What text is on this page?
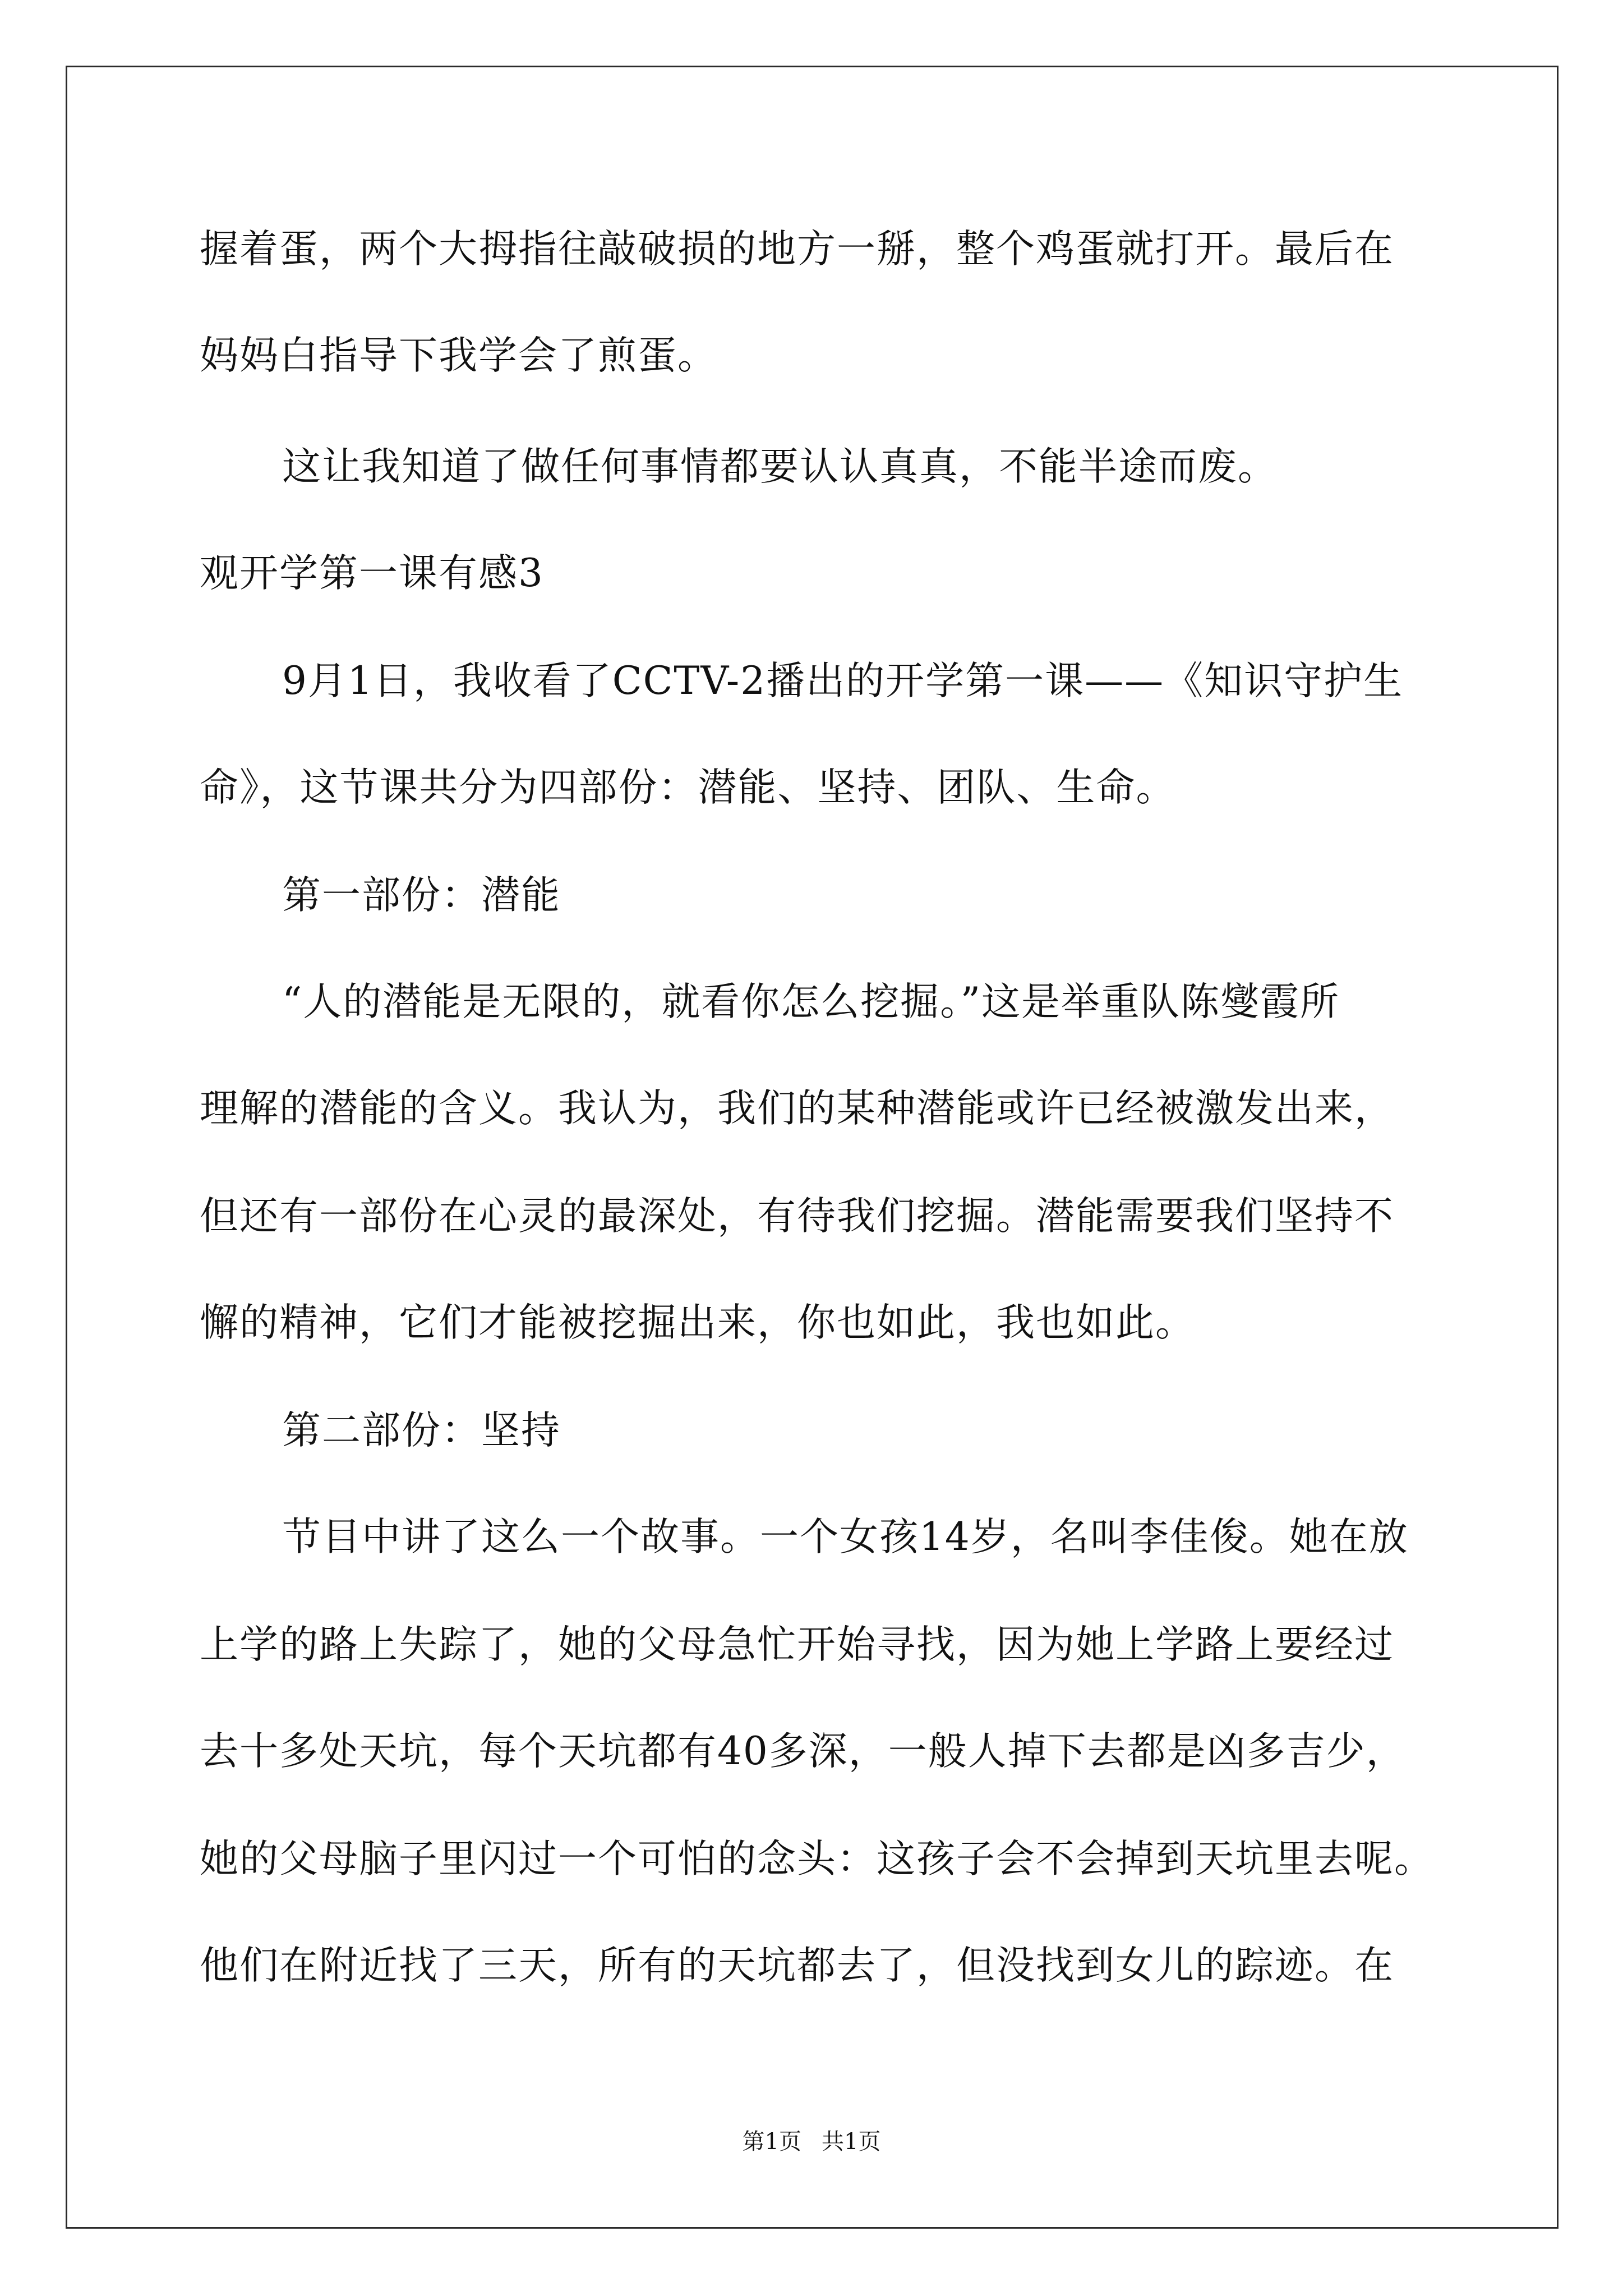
握着蛋，两个大拇指往敲破损的地方一掰，整个鸡蛋就打开。最后在
妈妈白指导下我学会了煎蛋。
这让我知道了做任何事情都要认认真真，不能半途而废。
观开学第一课有感3
9月1日，我收看了CCTV-2播出的开学第一课——《知识守护生
命》，这节课共分为四部份：潜能、坚持、团队、生命。
第一部份：潜能
“人的潜能是无限的，就看你怎么挖掘。”这是举重队陈燮霞所
理解的潜能的含义。我认为，我们的某种潜能或许已经被激发出来，
但还有一部份在心灵的最深处，有待我们挖掘。潜能需要我们坚持不
懈的精神，它们才能被挖掘出来，你也如此，我也如此。
第二部份：坚持
节目中讲了这么一个故事。一个女孩14岁，名叫李佳俊。她在放
上学的路上失踪了，她的父母急忙开始寻找，因为她上学路上要经过
去十多处天坑，每个天坑都有40多深，一般人掉下去都是凶多吉少，
她的父母脑子里闪过一个可怕的念头：这孩子会不会掉到天坑里去呢。
他们在附近找了三天，所有的天坑都去了，但没找到女儿的踪迹。在
第1页 共1页
